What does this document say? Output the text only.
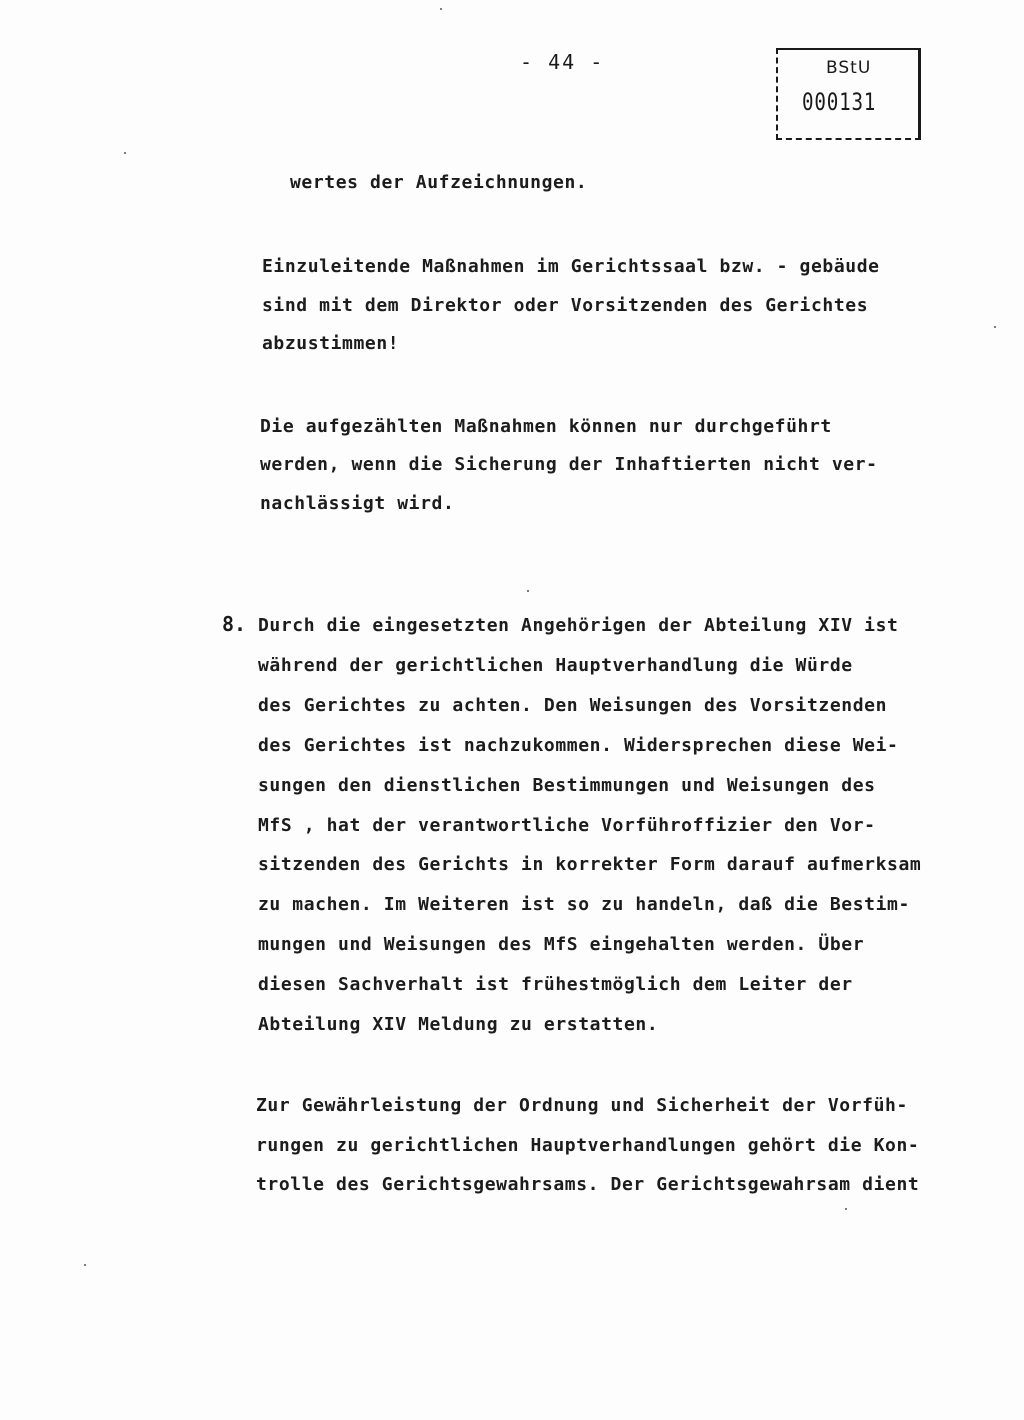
- 44 -	BStU
000131
wertes der Aufzeichnungen.
Einzuleitende Maßnahmen im Gerichtssaal bzw. - gebäude
sind mit dem Direktor oder Vorsitzenden des Gerichtes
abzustimmen!
Die aufgezählten Maßnahmen können nur durchgeführt
werden, wenn die Sicherung der Inhaftierten nicht ver-
nachlässigt wird.
8. Durch die eingesetzten Angehörigen der Abteilung XIV ist
während der gerichtlichen Hauptverhandlung die Würde
des Gerichtes zu achten. Den Weisungen des Vorsitzenden
des Gerichtes ist nachzukommen. Widersprechen diese Wei-
sungen den dienstlichen Bestimmungen und Weisungen des
MfS , hat der verantwortliche Vorführoffizier den Vor-
sitzenden des Gerichts in korrekter Form darauf aufmerksam
zu machen. Im Weiteren ist so zu handeln, daß die Bestim-
mungen und Weisungen des MfS eingehalten werden. Über
diesen Sachverhalt ist frühestmöglich dem Leiter der
Abteilung XIV Meldung zu erstatten.
Zur Gewährleistung der Ordnung und Sicherheit der Vorfüh-
rungen zu gerichtlichen Hauptverhandlungen gehört die Kon-
trolle des Gerichtsgewahrsams. Der Gerichtsgewahrsam dient
